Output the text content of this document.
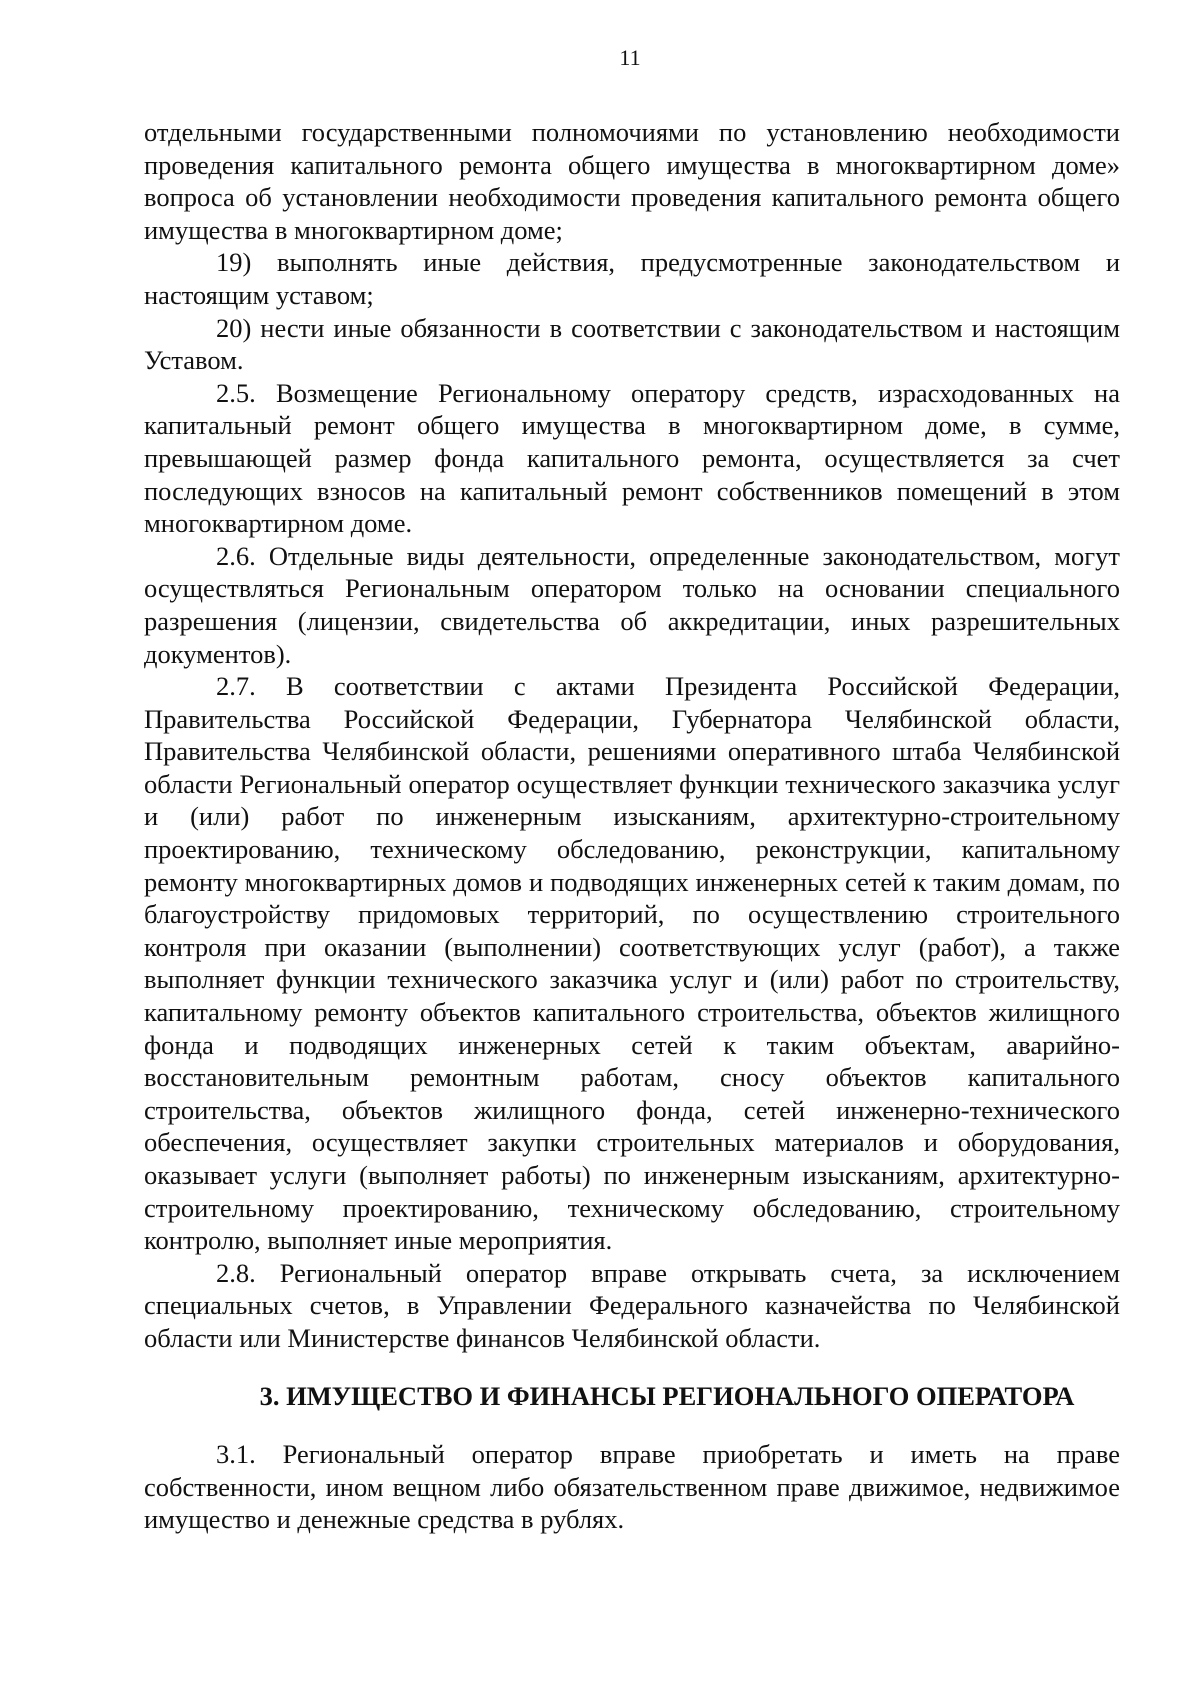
11

отдельными государственными полномочиями по установлению необходимости проведения капитального ремонта общего имущества в многоквартирном доме» вопроса об установлении необходимости проведения капитального ремонта общего имущества в многоквартирном доме;

19) выполнять иные действия, предусмотренные законодательством и настоящим уставом;

20) нести иные обязанности в соответствии с законодательством и настоящим Уставом.

2.5. Возмещение Региональному оператору средств, израсходованных на капитальный ремонт общего имущества в многоквартирном доме, в сумме, превышающей размер фонда капитального ремонта, осуществляется за счет последующих взносов на капитальный ремонт собственников помещений в этом многоквартирном доме.

2.6. Отдельные виды деятельности, определенные законодательством, могут осуществляться Региональным оператором только на основании специального разрешения (лицензии, свидетельства об аккредитации, иных разрешительных документов).

2.7. В соответствии с актами Президента Российской Федерации, Правительства Российской Федерации, Губернатора Челябинской области, Правительства Челябинской области, решениями оперативного штаба Челябинской области Региональный оператор осуществляет функции технического заказчика услуг и (или) работ по инженерным изысканиям, архитектурно-строительному проектированию, техническому обследованию, реконструкции, капитальному ремонту многоквартирных домов и подводящих инженерных сетей к таким домам, по благоустройству придомовых территорий, по осуществлению строительного контроля при оказании (выполнении) соответствующих услуг (работ), а также выполняет функции технического заказчика услуг и (или) работ по строительству, капитальному ремонту объектов капитального строительства, объектов жилищного фонда и подводящих инженерных сетей к таким объектам, аварийно-восстановительным ремонтным работам, сносу объектов капитального строительства, объектов жилищного фонда, сетей инженерно-технического обеспечения, осуществляет закупки строительных материалов и оборудования, оказывает услуги (выполняет работы) по инженерным изысканиям, архитектурно-строительному проектированию, техническому обследованию, строительному контролю, выполняет иные мероприятия.

2.8. Региональный оператор вправе открывать счета, за исключением специальных счетов, в Управлении Федерального казначейства по Челябинской области или Министерстве финансов Челябинской области.

3. ИМУЩЕСТВО И ФИНАНСЫ РЕГИОНАЛЬНОГО ОПЕРАТОРА

3.1. Региональный оператор вправе приобретать и иметь на праве собственности, ином вещном либо обязательственном праве движимое, недвижимое имущество и денежные средства в рублях.
